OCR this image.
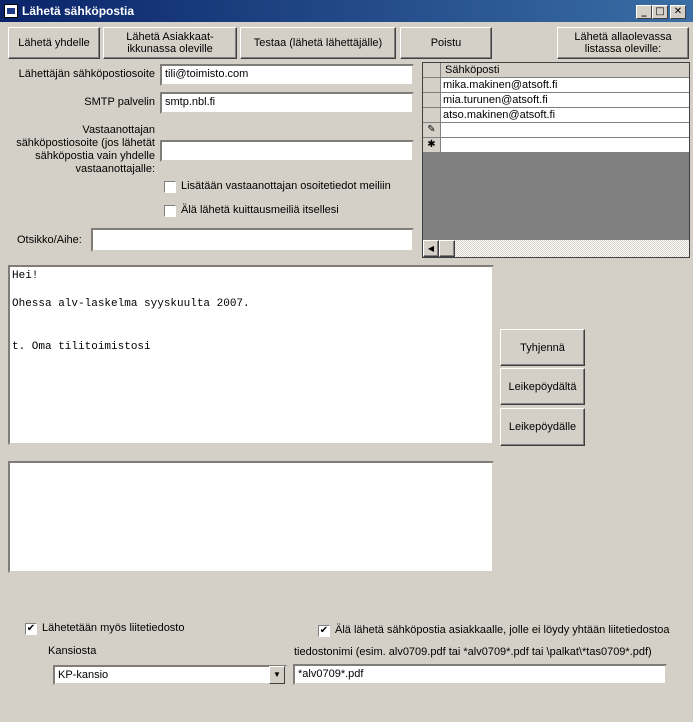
Lähetä sähköpostia	_ □ ✕
Lähetä yhdelle	Lähetä Asiakkaat-ikkunassa oleville	Testaa (lähetä lähettäjälle)	Poistu	Lähetä allaolevassa listassa oleville:
Lähettäjän sähköpostiosoite tili@toimisto.com
SMTP palvelin smtp.nbl.fi
Vastaanottajan sähköpostiosoite (jos lähetät sähköpostia vain yhdelle vastaanottajalle:
Lisätään vastaanottajan osoitetiedot meiliin
Älä lähetä kuittausmeiliä itsellesi
Otsikko/Aihe:
Sähköposti
mika.makinen@atsoft.fi
mia.turunen@atsoft.fi
atso.makinen@atsoft.fi
✎
✱
◀
Hei!
Ohessa alv-laskelma syyskuulta 2007.
t. Oma tilitoimistosi	Tyhjennä
Leikepöydältä
Leikepöydälle
✔ Lähetetään myös liitetiedosto	✔ Älä lähetä sähköpostia asiakkaalle, jolle ei löydy yhtään liitetiedostoa
Kansiosta	tiedostonimi (esim. alv0709.pdf tai *alv0709*.pdf tai \palkat\*tas0709*.pdf)
KP-kansio	▼	*alv0709*.pdf
